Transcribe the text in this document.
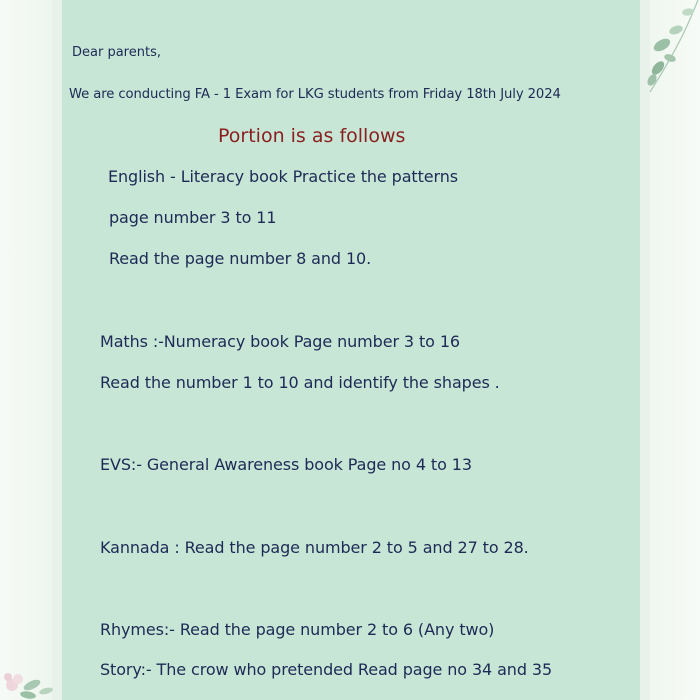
Dear parents,
We are conducting FA - 1 Exam for LKG students from Friday 18th July 2024
Portion is as follows
English - Literacy book Practice the patterns
page number 3 to 11
Read the page number 8 and 10.
Maths :-Numeracy book Page number 3 to 16
Read the number 1 to 10 and identify the shapes .
EVS:- General Awareness book Page no 4 to 13
Kannada : Read the page number 2 to 5 and 27 to 28.
Rhymes:- Read the page number 2 to 6 (Any two)
Story:- The crow who pretended Read page no 34 and 35
